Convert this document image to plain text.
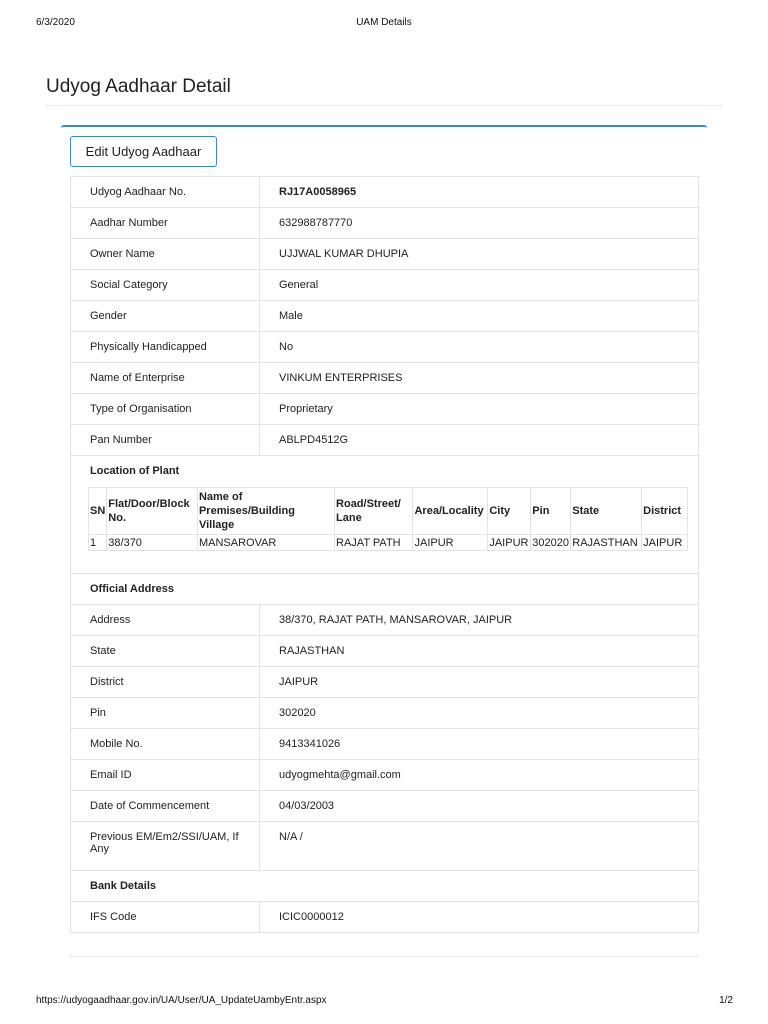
6/3/2020	UAM Details
Udyog Aadhaar Detail
Edit Udyog Aadhaar
Udyog Aadhaar No.	RJ17A0058965
Aadhar Number	632988787770
Owner Name	UJJWAL KUMAR DHUPIA
Social Category	General
Gender	Male
Physically Handicapped	No
Name of Enterprise	VINKUM ENTERPRISES
Type of Organisation	Proprietary
Pan Number	ABLPD4512G

Location of Plant
SN	Flat/Door/Block No.	Name of Premises/Building Village	Road/Street/ Lane	Area/Locality	City	Pin	State	District
1	38/370	MANSAROVAR	RAJAT PATH	JAIPUR	JAIPUR	302020	RAJASTHAN	JAIPUR

Official Address
Address	38/370, RAJAT PATH, MANSAROVAR, JAIPUR
State	RAJASTHAN
District	JAIPUR
Pin	302020
Mobile No.	9413341026
Email ID	udyogmehta@gmail.com
Date of Commencement	04/03/2003
Previous EM/Em2/SSI/UAM, If Any	N/A /
Bank Details
IFS Code	ICIC0000012
https://udyogaadhaar.gov.in/UA/User/UA_UpdateUambyEntr.aspx	1/2
